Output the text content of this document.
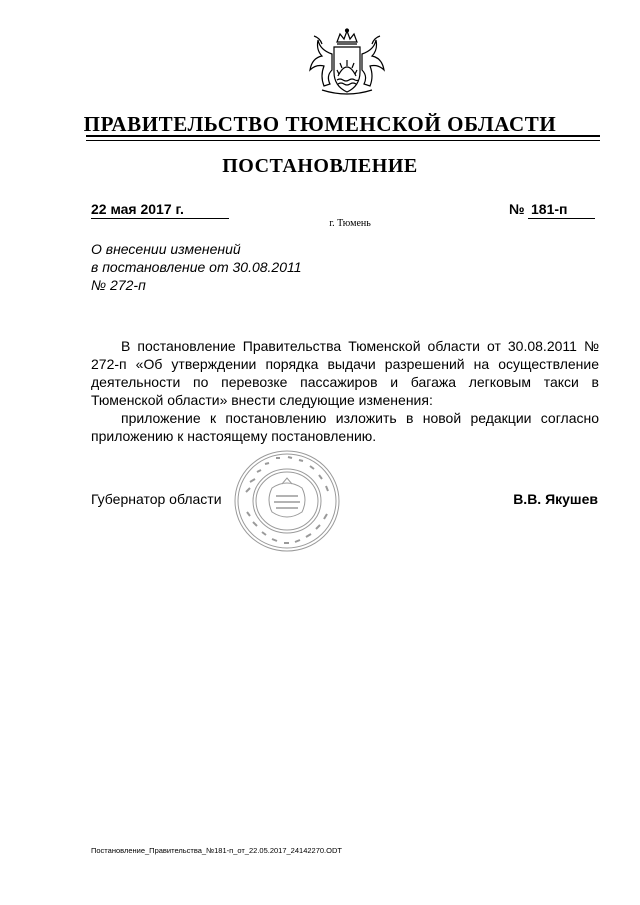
ПРАВИТЕЛЬСТВО ТЮМЕНСКОЙ ОБЛАСТИ
ПОСТАНОВЛЕНИЕ
22 мая 2017 г.	№ 181-п
г. Тюмень
О внесении изменений
в постановление от 30.08.2011
№ 272-п
В постановление Правительства Тюменской области от 30.08.2011 № 272-п «Об утверждении порядка выдачи разрешений на осуществление деятельности по перевозке пассажиров и багажа легковым такси в Тюменской области» внести следующие изменения:
приложение к постановлению изложить в новой редакции согласно приложению к настоящему постановлению.
Губернатор области	В.В. Якушев
Постановление_Правительства_№181-п_от_22.05.2017_24142270.ODT
